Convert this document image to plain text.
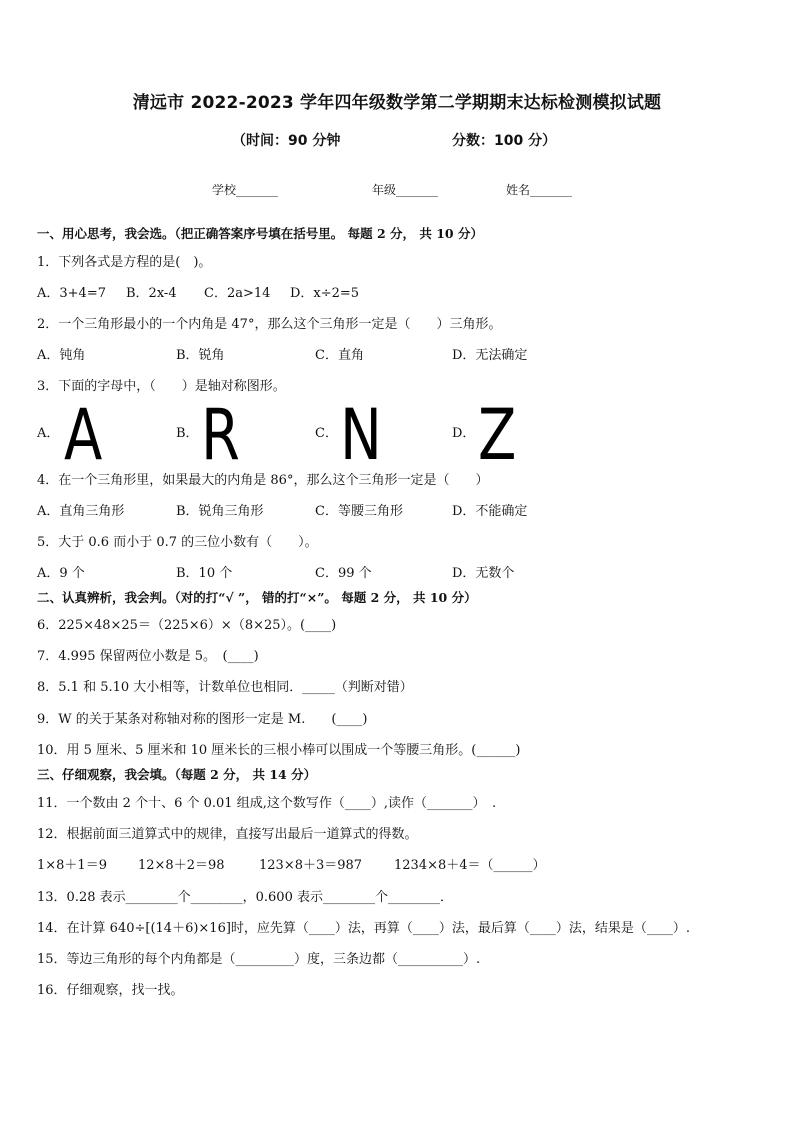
清远市 2022-2023 学年四年级数学第二学期期末达标检测模拟试题
（时间：90 分钟	分数：100 分）
学校_______	年级_______	姓名_______
一、用心思考，我会选。（把正确答案序号填在括号里。 每题 2 分， 共 10 分）
1．下列各式是方程的是(　)。
A．3+4=7 B．2x-4 C．2a>14 D．x÷2=5
2．一个三角形最小的一个内角是 47°，那么这个三角形一定是（　　）三角形。
A．钝角	B．锐角	C．直角	D．无法确定
3．下面的字母中，（　　）是轴对称图形。
A． A	B． R	C． N	D． Z
4．在一个三角形里，如果最大的内角是 86°，那么这个三角形一定是（　　）
A．直角三角形	B．锐角三角形	C．等腰三角形	D．不能确定
5．大于 0.6 而小于 0.7 的三位小数有（　　）。
A．9 个	B．10 个	C．99 个	D．无数个
二、认真辨析，我会判。（对的打“√ ”， 错的打“×”。 每题 2 分， 共 10 分）
6．225×48×25＝（225×6）×（8×25）。(____)
7．4.995 保留两位小数是 5。　(____)
8．5.1 和 5.10 大小相等，计数单位也相同．_____（判断对错）
9．W 的关于某条对称轴对称的图形一定是 M.　　(____)
10．用 5 厘米、5 厘米和 10 厘米长的三根小棒可以围成一个等腰三角形。(______)
三、仔细观察，我会填。（每题 2 分， 共 14 分）
11．一个数由 2 个十、6 个 0.01 组成,这个数写作（____）,读作（_______）　.
12．根据前面三道算式中的规律，直接写出最后一道算式的得数。
1×8＋1＝9 12×8＋2＝98	123×8＋3＝987 1234×8＋4＝（______）
13．0.28 表示________个________，0.600 表示________个________．
14．在计算 640÷[(14＋6)×16]时，应先算（____）法，再算（____）法，最后算（____）法，结果是（____）.
15．等边三角形的每个内角都是（_________）度，三条边都（__________）.
16．仔细观察，找一找。
